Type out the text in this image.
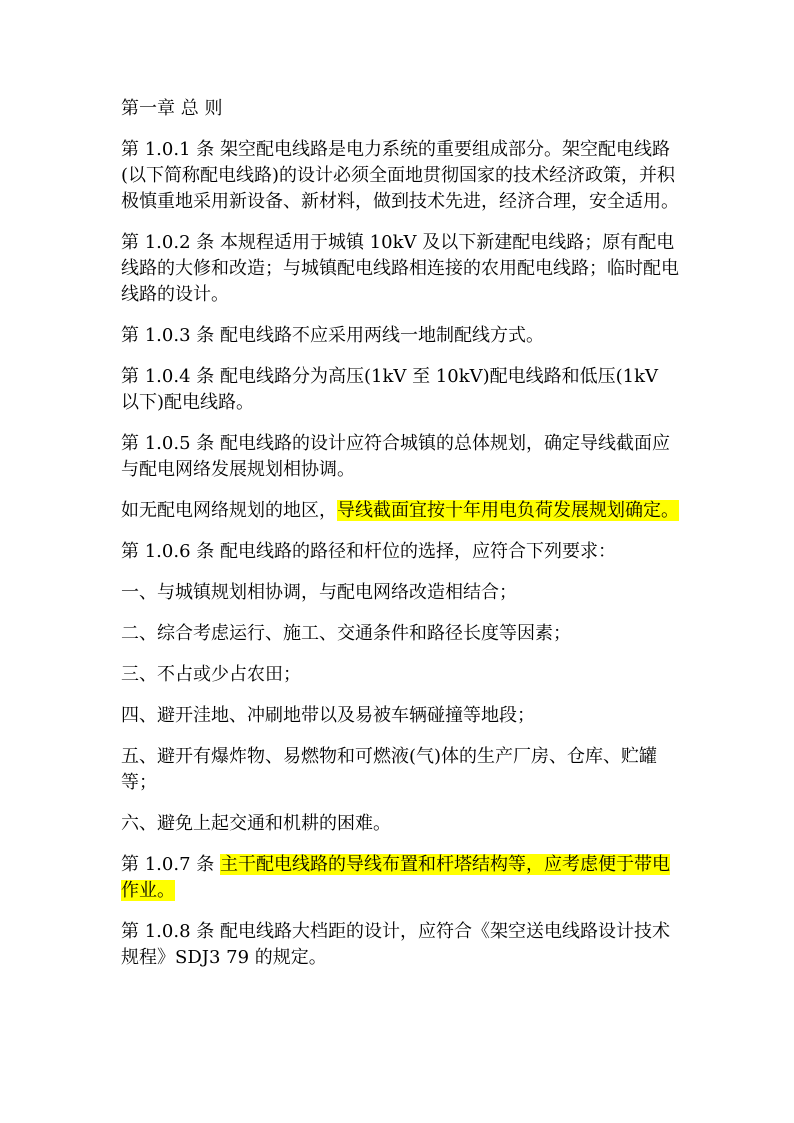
第一章 总 则

第 1.0.1 条 架空配电线路是电力系统的重要组成部分。架空配电线路(以下简称配电线路)的设计必须全面地贯彻国家的技术经济政策，并积极慎重地采用新设备、新材料，做到技术先进，经济合理，安全适用。

第 1.0.2 条 本规程适用于城镇 10kV 及以下新建配电线路；原有配电线路的大修和改造；与城镇配电线路相连接的农用配电线路；临时配电线路的设计。

第 1.0.3 条 配电线路不应采用两线一地制配线方式。

第 1.0.4 条 配电线路分为高压(1kV 至 10kV)配电线路和低压(1kV 以下)配电线路。

第 1.0.5 条 配电线路的设计应符合城镇的总体规划，确定导线截面应与配电网络发展规划相协调。

如无配电网络规划的地区，导线截面宜按十年用电负荷发展规划确定。

第 1.0.6 条 配电线路的路径和杆位的选择，应符合下列要求：

一、与城镇规划相协调，与配电网络改造相结合；

二、综合考虑运行、施工、交通条件和路径长度等因素；

三、不占或少占农田；

四、避开洼地、冲刷地带以及易被车辆碰撞等地段；

五、避开有爆炸物、易燃物和可燃液(气)体的生产厂房、仓库、贮罐等；

六、避免上起交通和机耕的困难。

第 1.0.7 条 主干配电线路的导线布置和杆塔结构等，应考虑便于带电作业。

第 1.0.8 条 配电线路大档距的设计，应符合《架空送电线路设计技术规程》SDJ3 79 的规定。
